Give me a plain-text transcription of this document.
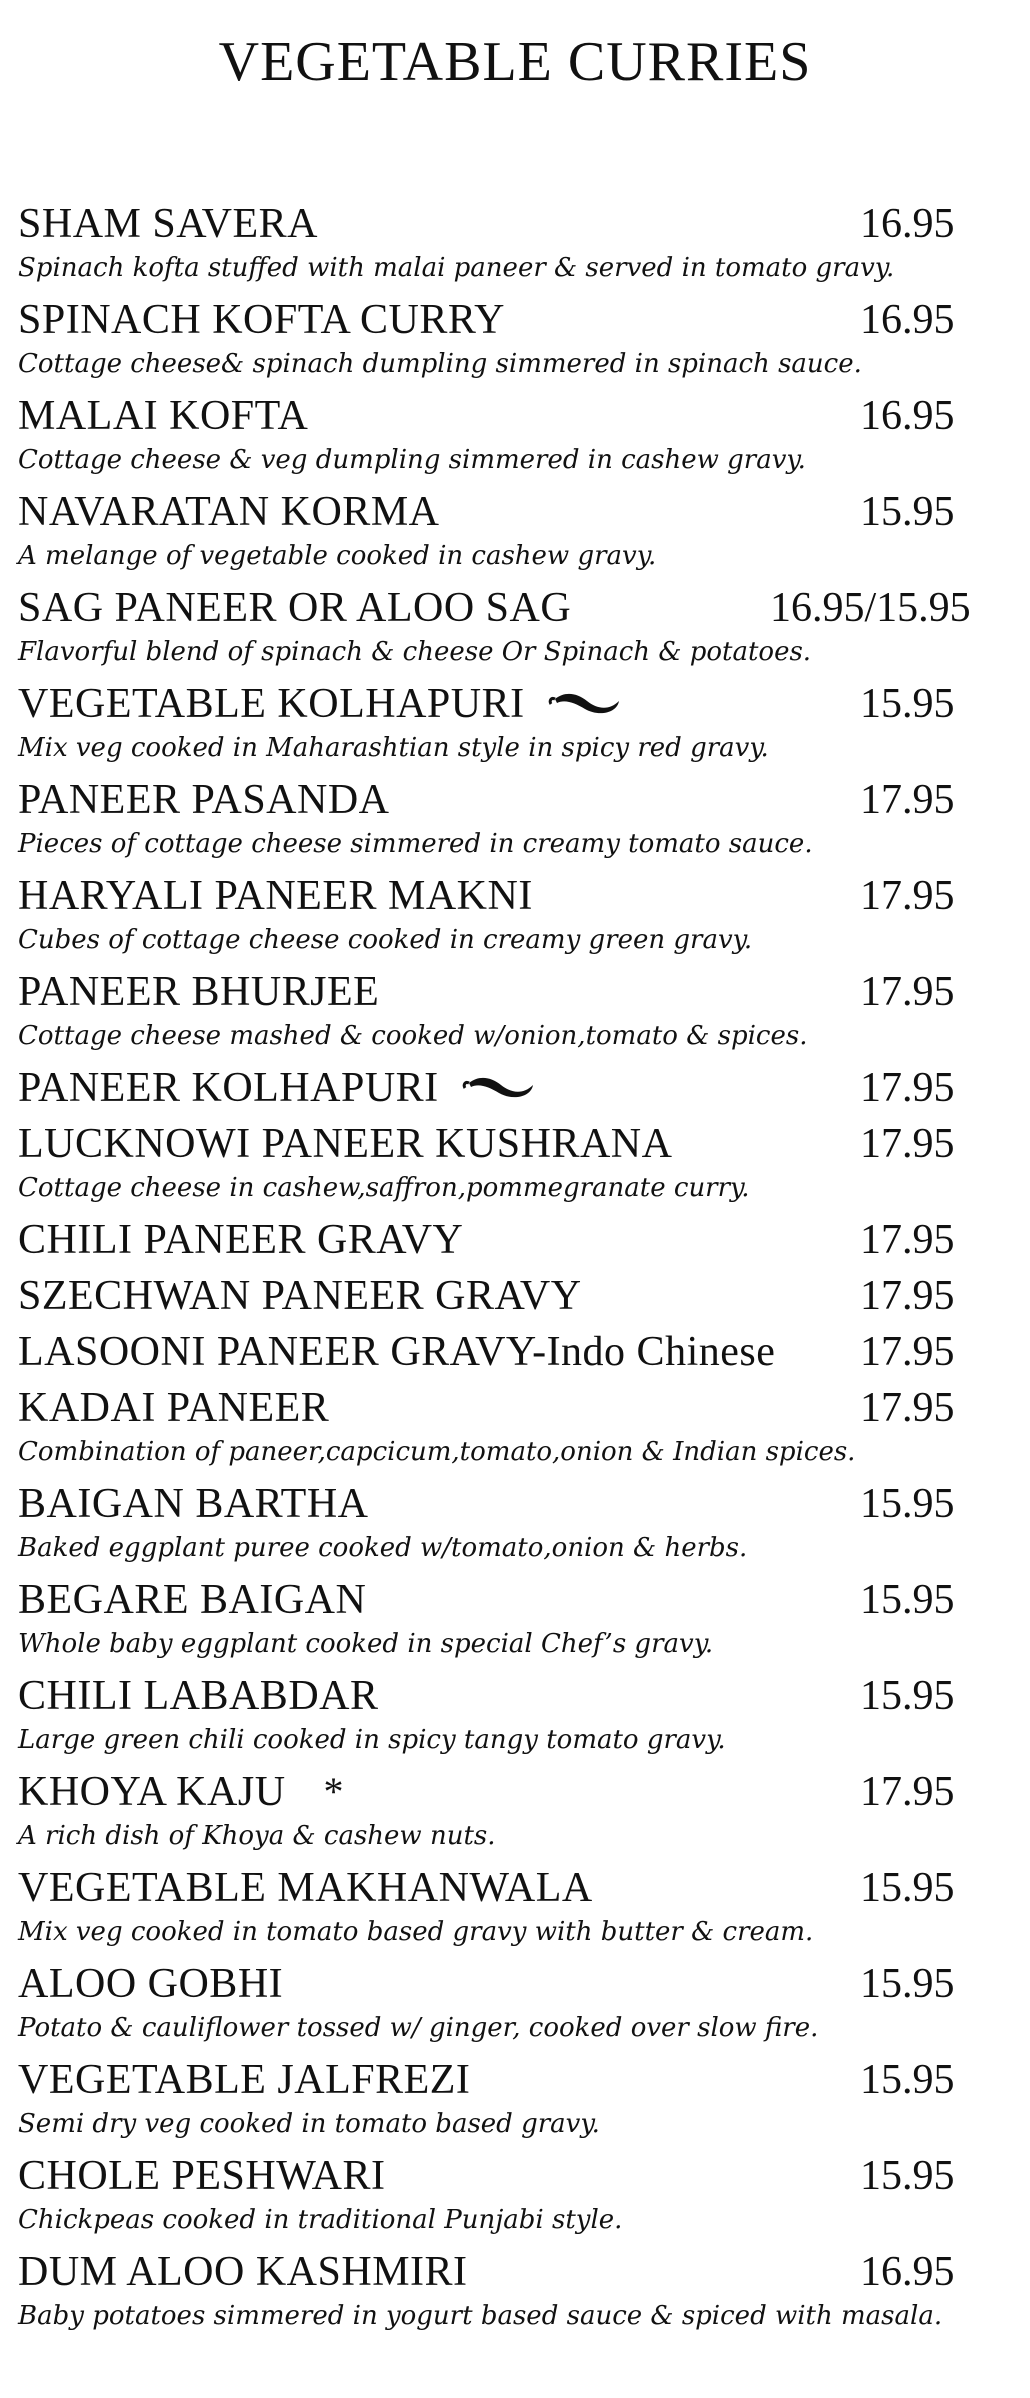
VEGETABLE CURRIES
SHAM SAVERA	16.95
Spinach kofta stuffed with malai paneer & served in tomato gravy.
SPINACH KOFTA CURRY	16.95
Cottage cheese& spinach dumpling simmered in spinach sauce.
MALAI KOFTA	16.95
Cottage cheese & veg dumpling simmered in cashew gravy.
NAVARATAN KORMA	15.95
A melange of vegetable cooked in cashew gravy.
SAG PANEER OR ALOO SAG	16.95/15.95
Flavorful blend of spinach & cheese Or Spinach & potatoes.
VEGETABLE KOLHAPURI	15.95
Mix veg cooked in Maharashtian style in spicy red gravy.
PANEER PASANDA	17.95
Pieces of cottage cheese simmered in creamy tomato sauce.
HARYALI PANEER MAKNI	17.95
Cubes of cottage cheese cooked in creamy green gravy.
PANEER BHURJEE	17.95
Cottage cheese mashed & cooked w/onion,tomato & spices.
PANEER KOLHAPURI	17.95
LUCKNOWI PANEER KUSHRANA	17.95
Cottage cheese in cashew,saffron,pommegranate curry.
CHILI PANEER GRAVY	17.95
SZECHWAN PANEER GRAVY	17.95
LASOONI PANEER GRAVY-Indo Chinese 17.95
KADAI PANEER	17.95
Combination of paneer,capcicum,tomato,onion & Indian spices.
BAIGAN BARTHA	15.95
Baked eggplant puree cooked w/tomato,onion & herbs.
BEGARE BAIGAN	15.95
Whole baby eggplant cooked in special Chef’s gravy.
CHILI LABABDAR	15.95
Large green chili cooked in spicy tangy tomato gravy.
KHOYA KAJU *	17.95
A rich dish of Khoya & cashew nuts.
VEGETABLE MAKHANWALA	15.95
Mix veg cooked in tomato based gravy with butter & cream.
ALOO GOBHI	15.95
Potato & cauliflower tossed w/ ginger, cooked over slow fire.
VEGETABLE JALFREZI	15.95
Semi dry veg cooked in tomato based gravy.
CHOLE PESHWARI	15.95
Chickpeas cooked in traditional Punjabi style.
DUM ALOO KASHMIRI	16.95
Baby potatoes simmered in yogurt based sauce & spiced with masala.
